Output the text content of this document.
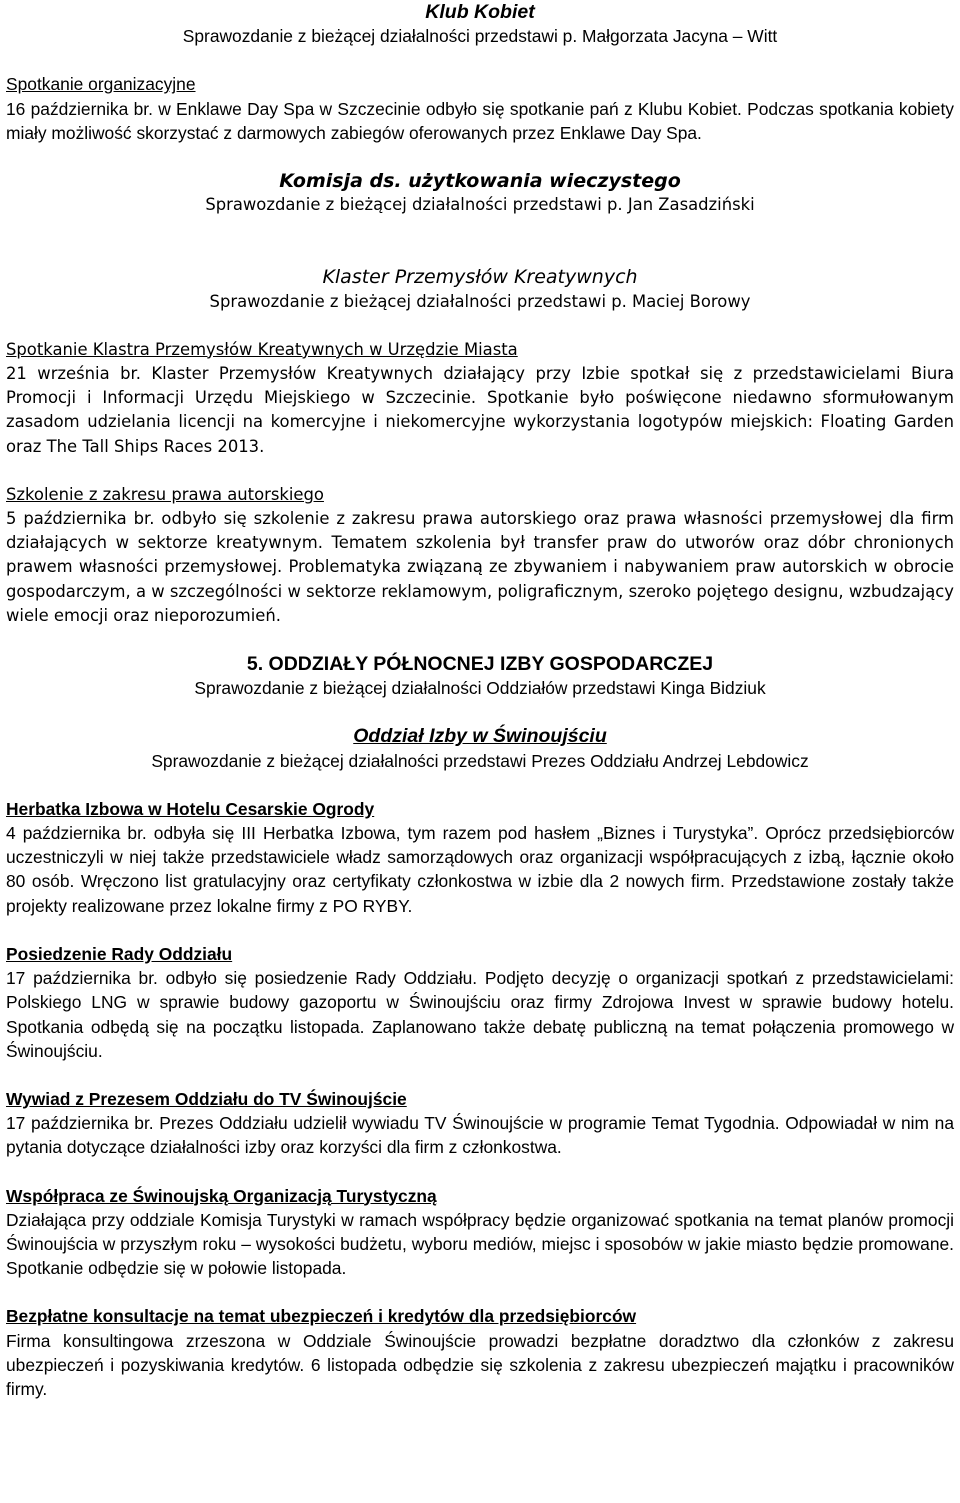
Klub Kobiet
Sprawozdanie z bieżącej działalności przedstawi p. Małgorzata Jacyna – Witt
Spotkanie organizacyjne

16 października br. w Enklawe Day Spa w Szczecinie odbyło się spotkanie pań z Klubu Kobiet. Podczas spotkania kobiety miały możliwość skorzystać z darmowych zabiegów oferowanych przez Enklawe Day Spa.

Komisja ds. użytkowania wieczystego
Sprawozdanie z bieżącej działalności przedstawi p. Jan Zasadziński
Klaster Przemysłów Kreatywnych
Sprawozdanie z bieżącej działalności przedstawi p. Maciej Borowy
Spotkanie Klastra Przemysłów Kreatywnych w Urzędzie Miasta

21 września br. Klaster Przemysłów Kreatywnych działający przy Izbie spotkał się z przedstawicielami Biura Promocji i Informacji Urzędu Miejskiego w Szczecinie. Spotkanie było poświęcone niedawno sformułowanym zasadom udzielania licencji na komercyjne i niekomercyjne wykorzystania logotypów miejskich: Floating Garden oraz The Tall Ships Races 2013.

Szkolenie z zakresu prawa autorskiego

5 października br. odbyło się szkolenie z zakresu prawa autorskiego oraz prawa własności przemysłowej dla firm działających w sektorze kreatywnym. Tematem szkolenia był transfer praw do utworów oraz dóbr chronionych prawem własności przemysłowej. Problematyka związaną ze zbywaniem i nabywaniem praw autorskich w obrocie gospodarczym, a w szczególności w sektorze reklamowym, poligraficznym, szeroko pojętego designu, wzbudzający wiele emocji oraz nieporozumień.

5. ODDZIAŁY PÓŁNOCNEJ IZBY GOSPODARCZEJ
Sprawozdanie z bieżącej działalności Oddziałów przedstawi Kinga Bidziuk
Oddział Izby w Świnoujściu
Sprawozdanie z bieżącej działalności przedstawi Prezes Oddziału Andrzej Lebdowicz
Herbatka Izbowa w Hotelu Cesarskie Ogrody

4 października br. odbyła się III Herbatka Izbowa, tym razem pod hasłem „Biznes i Turystyka”. Oprócz przedsiębiorców uczestniczyli w niej także przedstawiciele władz samorządowych oraz organizacji współpracujących z izbą, łącznie około 80 osób. Wręczono list gratulacyjny oraz certyfikaty członkostwa w izbie dla 2 nowych firm. Przedstawione zostały także projekty realizowane przez lokalne firmy z PO RYBY.

Posiedzenie Rady Oddziału

17 października br. odbyło się posiedzenie Rady Oddziału. Podjęto decyzję o organizacji spotkań z przedstawicielami: Polskiego LNG w sprawie budowy gazoportu w Świnoujściu oraz firmy Zdrojowa Invest w sprawie budowy hotelu. Spotkania odbędą się na początku listopada. Zaplanowano także debatę publiczną na temat połączenia promowego w Świnoujściu.

Wywiad z Prezesem Oddziału do TV Świnoujście

17 października br. Prezes Oddziału udzielił wywiadu TV Świnoujście w programie Temat Tygodnia. Odpowiadał w nim na pytania dotyczące działalności izby oraz korzyści dla firm z członkostwa.

Współpraca ze Świnoujską Organizacją Turystyczną

Działająca przy oddziale Komisja Turystyki w ramach współpracy będzie organizować spotkania na temat planów promocji Świnoujścia w przyszłym roku – wysokości budżetu, wyboru mediów, miejsc i sposobów w jakie miasto będzie promowane. Spotkanie odbędzie się w połowie listopada.

Bezpłatne konsultacje na temat ubezpieczeń i kredytów dla przedsiębiorców

Firma konsultingowa zrzeszona w Oddziale Świnoujście prowadzi bezpłatne doradztwo dla członków z zakresu ubezpieczeń i pozyskiwania kredytów. 6 listopada odbędzie się szkolenia z zakresu ubezpieczeń majątku i pracowników firmy.
